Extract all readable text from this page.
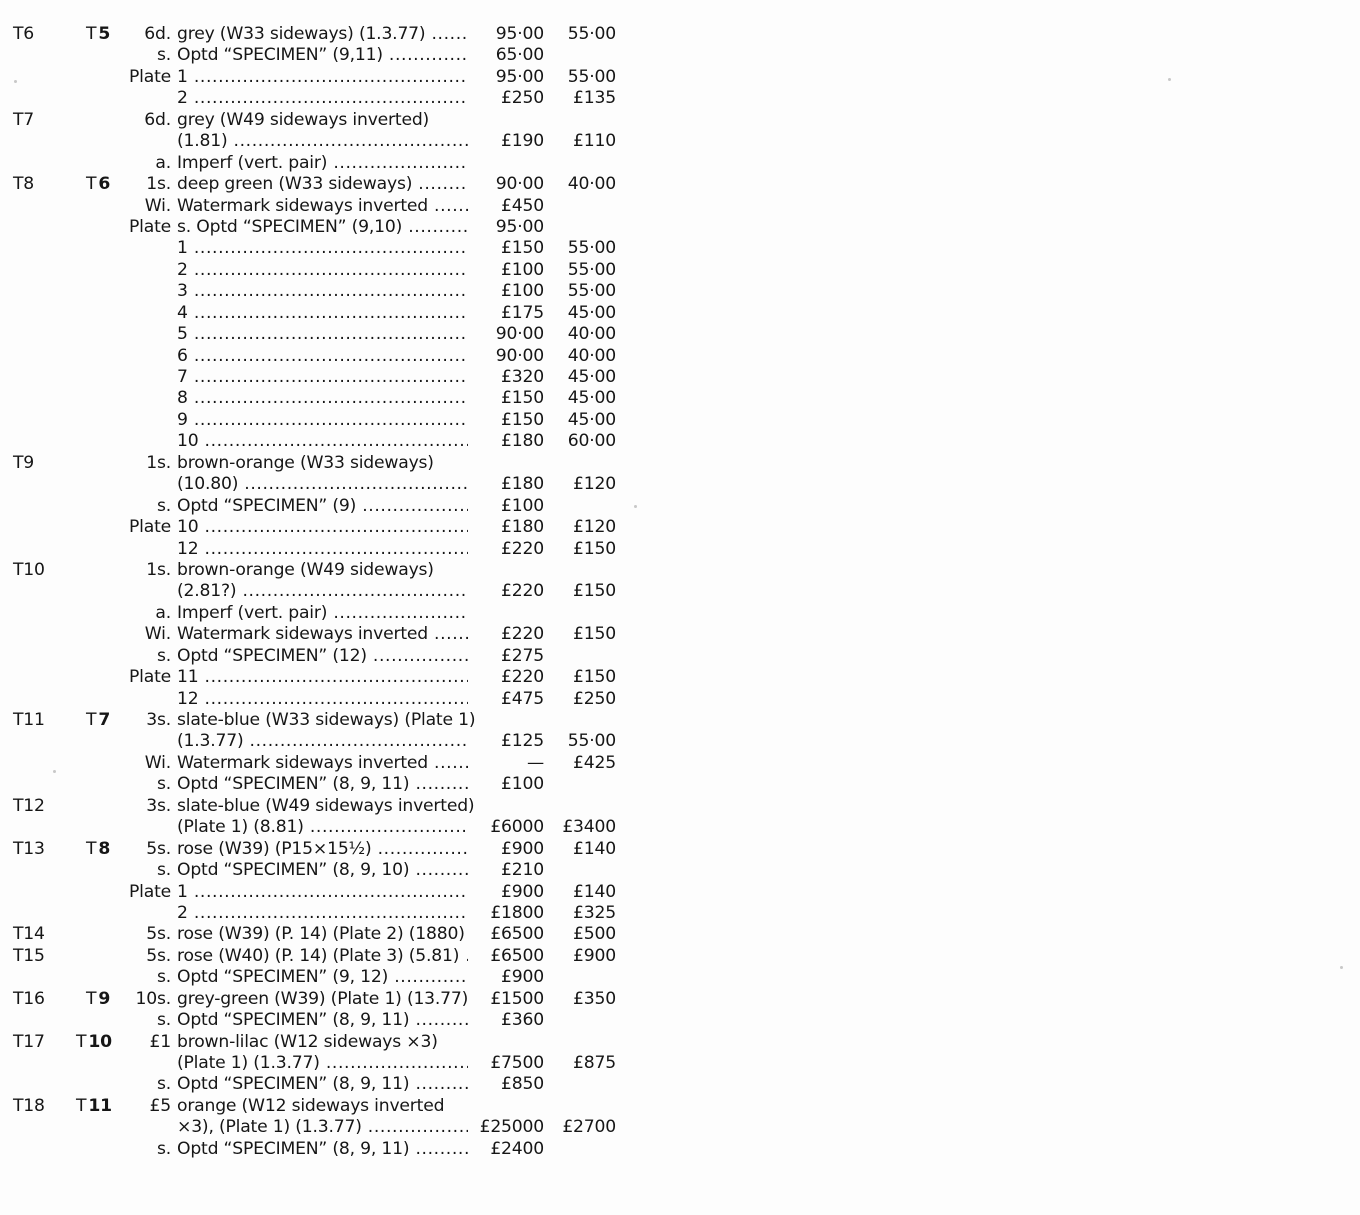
T6	T 5	6d. grey (W33 sideways) (1.3.77) .....	95·00	55·00
s. Optd “SPECIMEN” (9,11) .....	65·00
Plate 1 .....	95·00	55·00
2 .....	£250	£135
T7	6d. grey (W49 sideways inverted)
(1.81) .....	£190	£110
a. Imperf (vert. pair) .....
T8	T 6	1s. deep green (W33 sideways) .....	90·00	40·00
Wi. Watermark sideways inverted .....	£450
Plate s. Optd “SPECIMEN” (9,10) .....	95·00
1 .....	£150	55·00
2 .....	£100	55·00
3 .....	£100	55·00
4 .....	£175	45·00
5 .....	90·00	40·00
6 .....	90·00	40·00
7 .....	£320	45·00
8 .....	£150	45·00
9 .....	£150	45·00
10 .....	£180	60·00
T9	1s. brown-orange (W33 sideways)
(10.80) .....	£180	£120
s. Optd “SPECIMEN” (9) .....	£100
Plate 10 .....	£180	£120
12 .....	£220	£150
T10	1s. brown-orange (W49 sideways)
(2.81?) .....	£220	£150
a. Imperf (vert. pair) .....
Wi. Watermark sideways inverted .....	£220	£150
s. Optd “SPECIMEN” (12) .....	£275
Plate 11 .....	£220	£150
12 .....	£475	£250
T11 T 7	3s. slate-blue (W33 sideways) (Plate 1)
(1.3.77) .....	£125	55·00
Wi. Watermark sideways inverted .....	—	£425
s. Optd “SPECIMEN” (8, 9, 11) .....	£100
T12	3s. slate-blue (W49 sideways inverted)
(Plate 1) (8.81) .....	£6000	£3400
T13 T 8	5s. rose (W39) (P15×15½) .....	£900	£140
s. Optd “SPECIMEN” (8, 9, 10) .....	£210
Plate 1 .....	£900	£140
2 .....	£1800	£325
T14	5s. rose (W39) (P. 14) (Plate 2) (1880) .....	£6500	£500
T15	5s. rose (W40) (P. 14) (Plate 3) (5.81) .....	£6500	£900
s. Optd “SPECIMEN” (9, 12) .....	£900
T16 T 9	10s. grey-green (W39) (Plate 1) (13.77) .....	£1500	£350
s. Optd “SPECIMEN” (8, 9, 11) .....	£360
T17 T 10	£1 brown-lilac (W12 sideways ×3)
(Plate 1) (1.3.77) .....	£7500	£875
s. Optd “SPECIMEN” (8, 9, 11) .....	£850
T18 T 11	£5 orange (W12 sideways inverted
×3), (Plate 1) (1.3.77) .....	£25000	£2700
s. Optd “SPECIMEN” (8, 9, 11) .....	£2400
